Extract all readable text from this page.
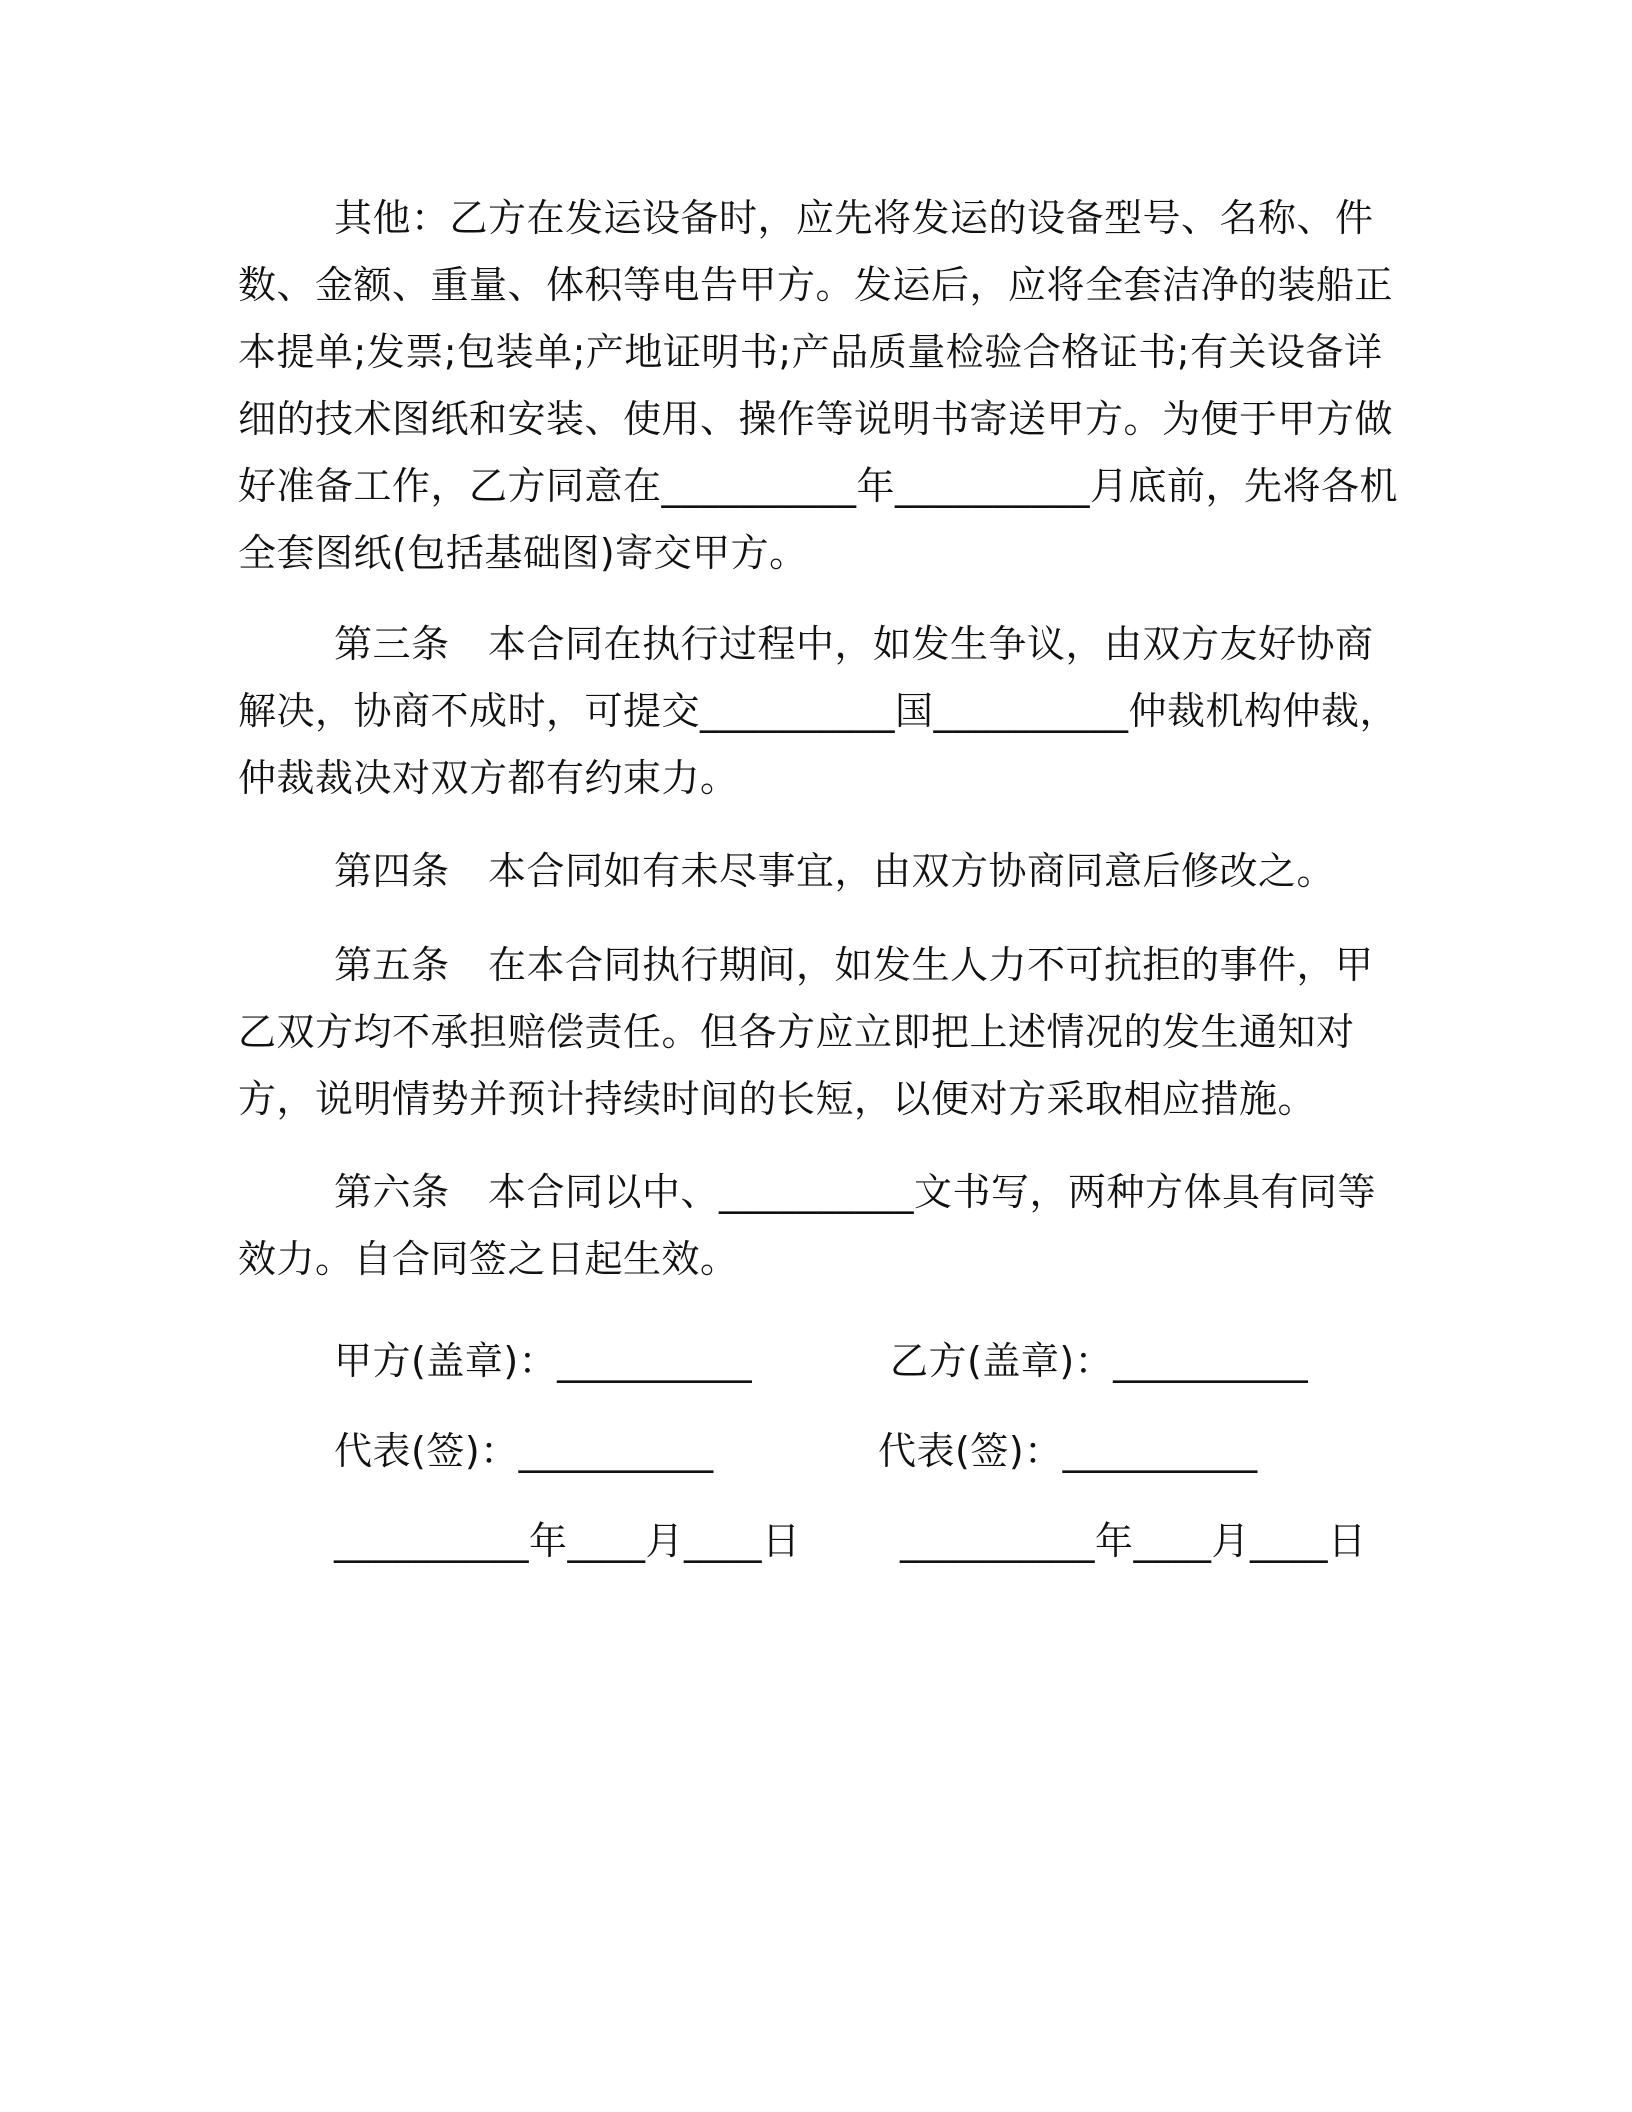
其他：乙方在发运设备时，应先将发运的设备型号、名称、件数、金额、重量、体积等电告甲方。发运后，应将全套洁净的装船正本提单;发票;包装单;产地证明书;产品质量检验合格证书;有关设备详细的技术图纸和安装、使用、操作等说明书寄送甲方。为便于甲方做好准备工作，乙方同意在__________年__________月底前，先将各机全套图纸(包括基础图)寄交甲方。

第三条　本合同在执行过程中，如发生争议，由双方友好协商解决，协商不成时，可提交__________国__________仲裁机构仲裁，仲裁裁决对双方都有约束力。

第四条　本合同如有未尽事宜，由双方协商同意后修改之。

第五条　在本合同执行期间，如发生人力不可抗拒的事件，甲乙双方均不承担赔偿责任。但各方应立即把上述情况的发生通知对方，说明情势并预计持续时间的长短，以便对方采取相应措施。

第六条　本合同以中、__________文书写，两种方体具有同等效力。自合同签之日起生效。

甲方(盖章)：__________	乙方(盖章)：__________
代表(签)：__________	代表(签)：__________
__________年____月____日	__________年____月____日
